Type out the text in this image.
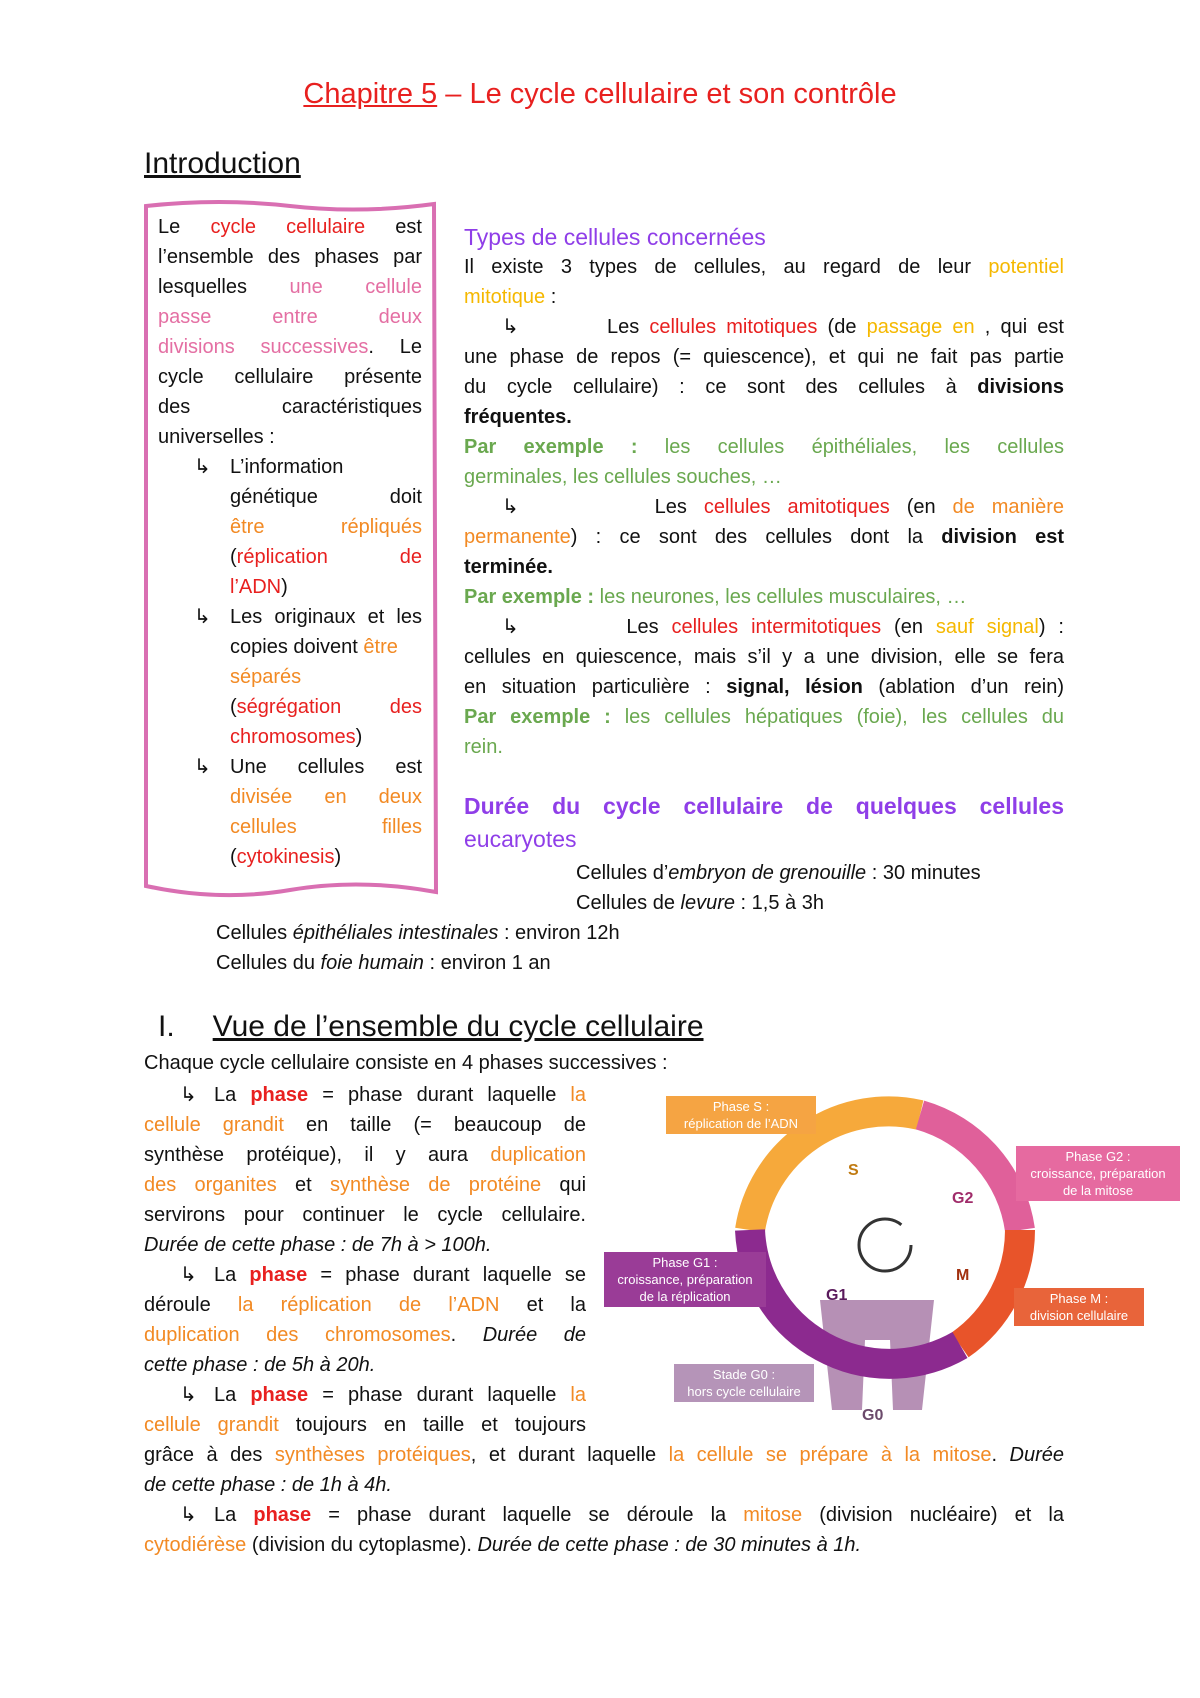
Chapitre 5 – Le cycle cellulaire et son contrôle
Introduction
Le cycle cellulaire est
l’ensemble des phases par
lesquelles une cellule
passe entre deux
divisions successives. Le
cycle cellulaire présente
des caractéristiques
universelles :
↳ L’information
génétique doit
être répliqués
(réplication de
l’ADN)
↳ Les originaux et les
copies doivent être
séparés
(ségrégation des
chromosomes)
↳ Une cellules est
divisée en deux
cellules filles
(cytokinesis)
Types de cellules concernées
Il existe 3 types de cellules, au regard de leur potentiel
mitotique :
↳	Les cellules mitotiques (de passage en , qui est
une phase de repos (= quiescence), et qui ne fait pas partie
du cycle cellulaire) : ce sont des cellules à divisions
fréquentes.
Par exemple : les cellules épithéliales, les cellules
germinales, les cellules souches, …
↳	Les cellules amitotiques (en de manière
permanente) : ce sont des cellules dont la division est
terminée.
Par exemple : les neurones, les cellules musculaires, …
↳	Les cellules intermitotiques (en sauf signal) :
cellules en quiescence, mais s’il y a une division, elle se fera
en situation particulière : signal, lésion (ablation d’un rein)
Par exemple : les cellules hépatiques (foie), les cellules du
rein.
Durée du cycle cellulaire de quelques cellules
eucaryotes
Cellules d’embryon de grenouille : 30 minutes
Cellules de levure : 1,5 à 3h
Cellules épithéliales intestinales : environ 12h
Cellules du foie humain : environ 1 an
I. Vue de l’ensemble du cycle cellulaire
Chaque cycle cellulaire consiste en 4 phases successives :
↳ La phase = phase durant laquelle la
cellule grandit en taille (= beaucoup de
synthèse protéique), il y aura duplication
des organites et synthèse de protéine qui
servirons pour continuer le cycle cellulaire.
Durée de cette phase : de 7h à > 100h.
↳ La phase = phase durant laquelle se
déroule la réplication de l’ADN et la
duplication des chromosomes. Durée de
cette phase : de 5h à 20h.
↳ La phase = phase durant laquelle la
cellule grandit toujours en taille et toujours
grâce à des synthèses protéiques, et durant laquelle la cellule se prépare à la mitose. Durée
de cette phase : de 1h à 4h.
↳ La phase = phase durant laquelle se déroule la mitose (division nucléaire) et la
cytodiérèse (division du cytoplasme). Durée de cette phase : de 30 minutes à 1h.
S
G2
M
G1
G0
Phase S :
réplication de l’ADN
Phase G2 :
croissance, préparation
de la mitose
Phase G1 :
croissance, préparation
de la réplication	Phase M :
division cellulaire
Stade G0 :
hors cycle cellulaire
